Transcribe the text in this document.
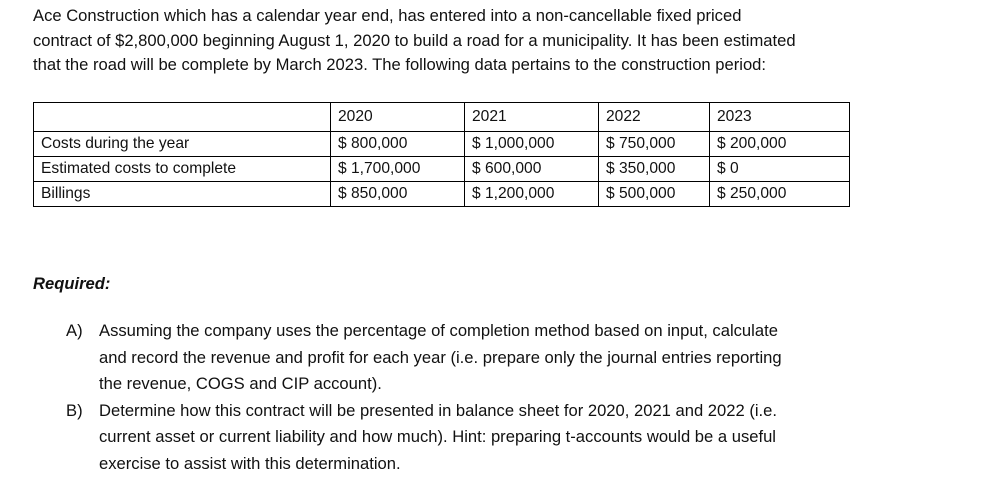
Ace Construction which has a calendar year end, has entered into a non-cancellable fixed priced

contract of $2,800,000 beginning August 1, 2020 to build a road for a municipality. It has been estimated

that the road will be complete by March 2023. The following data pertains to the construction period:

	2020	2021	2022	2023
Costs during the year	$ 800,000	$ 1,000,000	$ 750,000	$ 200,000
Estimated costs to complete	$ 1,700,000	$ 600,000	$ 350,000	$ 0
Billings	$ 850,000	$ 1,200,000	$ 500,000	$ 250,000
Required:
A) Assuming the company uses the percentage of completion method based on input, calculate
and record the revenue and profit for each year (i.e. prepare only the journal entries reporting
the revenue, COGS and CIP account).
B) Determine how this contract will be presented in balance sheet for 2020, 2021 and 2022 (i.e.
current asset or current liability and how much). Hint: preparing t-accounts would be a useful
exercise to assist with this determination.
